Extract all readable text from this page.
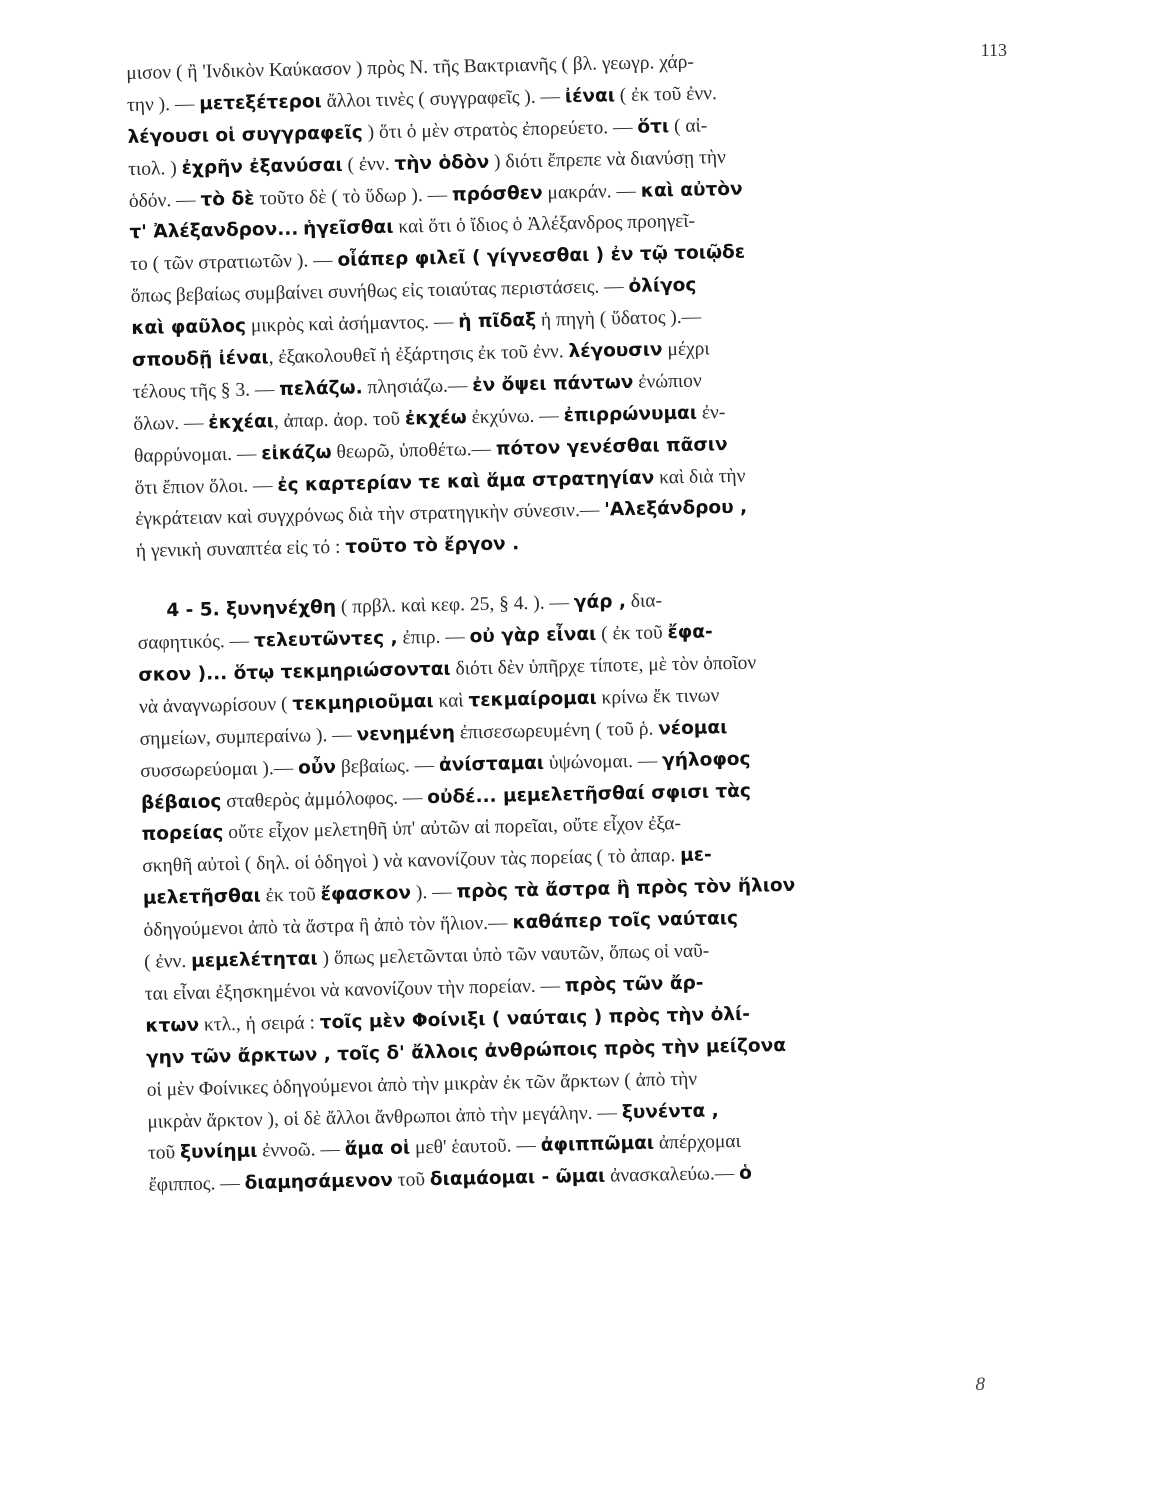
113
μισον ( ἢ 'Ινδικὸν Καύκασον ) πρὸς Ν. τῆς Βακτριανῆς ( βλ. γεωγρ. χάρ-
την ). — μετεξέτεροι ἄλλοι τινὲς ( συγγραφεῖς ). — ἰέναι ( ἐκ τοῦ ἐνν.
λέγουσι οἱ συγγραφεῖς ) ὅτι ὁ μὲν στρατὸς ἐπορεύετο. — ὅτι ( αἰ-
τιολ. ) ἐχρῆν ἐξανύσαι ( ἐνν. τὴν ὁδὸν ) διότι ἔπρεπε νὰ διανύσῃ τὴν
ὁδόν. — τὸ δὲ τοῦτο δὲ ( τὸ ὕδωρ ). — πρόσθεν μακράν. — καὶ αὐτὸν
τ' Ἀλέξανδρον... ἡγεῖσθαι καὶ ὅτι ὁ ἴδιος ὁ Ἀλέξανδρος προηγεῖ-
το ( τῶν στρατιωτῶν ). — οἷάπερ φιλεῖ ( γίγνεσθαι ) ἐν τῷ τοιῷδε
ὅπως βεβαίως συμβαίνει συνήθως εἰς τοιαύτας περιστάσεις. — ὀλίγος
καὶ φαῦλος μικρὸς καὶ ἀσήμαντος. — ἡ πῖδαξ ἡ πηγὴ ( ὕδατος ).—
σπουδῇ ἰέναι, ἐξακολουθεῖ ἡ ἐξάρτησις ἐκ τοῦ ἐνν. λέγουσιν μέχρι
τέλους τῆς § 3. — πελάζω. πλησιάζω.— ἐν ὄψει πάντων ἐνώπιον
ὅλων. — ἐκχέαι, ἀπαρ. ἀορ. τοῦ ἐκχέω ἐκχύνω. — ἐπιρρώνυμαι ἐν-
θαρρύνομαι. — εἰκάζω θεωρῶ, ὑποθέτω.— πότον γενέσθαι πᾶσιν
ὅτι ἔπιον ὅλοι. — ἐς καρτερίαν τε καὶ ἅμα στρατηγίαν καὶ διὰ τὴν
ἐγκράτειαν καὶ συγχρόνως διὰ τὴν στρατηγικὴν σύνεσιν.— 'Αλεξάνδρου ,
ἡ γενικὴ συναπτέα εἰς τό : τοῦτο τὸ ἔργον .
4 - 5. ξυνηνέχθη ( πρβλ. καὶ κεφ. 25, § 4. ). — γάρ , δια-
σαφητικός. — τελευτῶντες , ἐπιρ. — οὐ γὰρ εἶναι ( ἐκ τοῦ ἔφα-
σκον )... ὅτῳ τεκμηριώσονται διότι δὲν ὑπῆρχε τίποτε, μὲ τὸν ὁποῖον
νὰ ἀναγνωρίσουν ( τεκμηριοῦμαι καὶ τεκμαίρομαι κρίνω ἔκ τινων
σημείων, συμπεραίνω ). — νενημένη ἐπισεσωρευμένη ( τοῦ ῥ. νέομαι
συσσωρεύομαι ).— οὖν βεβαίως. — ἀνίσταμαι ὑψώνομαι. — γήλοφος
βέβαιος σταθερὸς ἀμμόλοφος. — οὐδέ... μεμελετῆσθαί σφισι τὰς
πορείας οὔτε εἶχον μελετηθῆ ὑπ' αὐτῶν αἱ πορεῖαι, οὔτε εἶχον ἐξα-
σκηθῆ αὐτοὶ ( δηλ. οἱ ὁδηγοὶ ) νὰ κανονίζουν τὰς πορείας ( τὸ ἀπαρ. με-
μελετῆσθαι ἐκ τοῦ ἔφασκον ). — πρὸς τὰ ἄστρα ἢ πρὸς τὸν ἥλιον
ὁδηγούμενοι ἀπὸ τὰ ἄστρα ἢ ἀπὸ τὸν ἥλιον.— καθάπερ τοῖς ναύταις
( ἐνν. μεμελέτηται ) ὅπως μελετῶνται ὑπὸ τῶν ναυτῶν, ὅπως οἱ ναῦ-
ται εἶναι ἐξησκημένοι νὰ κανονίζουν τὴν πορείαν. — πρὸς τῶν ἄρ-
κτων κτλ., ἡ σειρά : τοῖς μὲν Φοίνιξι ( ναύταις ) πρὸς τὴν ὀλί-
γην τῶν ἄρκτων , τοῖς δ' ἄλλοις ἀνθρώποις πρὸς τὴν μείζονα
οἱ μὲν Φοίνικες ὁδηγούμενοι ἀπὸ τὴν μικρὰν ἐκ τῶν ἄρκτων ( ἀπὸ τὴν
μικρὰν ἄρκτον ), οἱ δὲ ἄλλοι ἄνθρωποι ἀπὸ τὴν μεγάλην. — ξυνέντα ,
τοῦ ξυνίημι ἐννοῶ. — ἅμα οἱ μεθ' ἑαυτοῦ. — ἀφιππῶμαι ἀπέρχομαι
ἔφιππος. — διαμησάμενον τοῦ διαμάομαι - ῶμαι ἀνασκαλεύω.— ὁ
8
